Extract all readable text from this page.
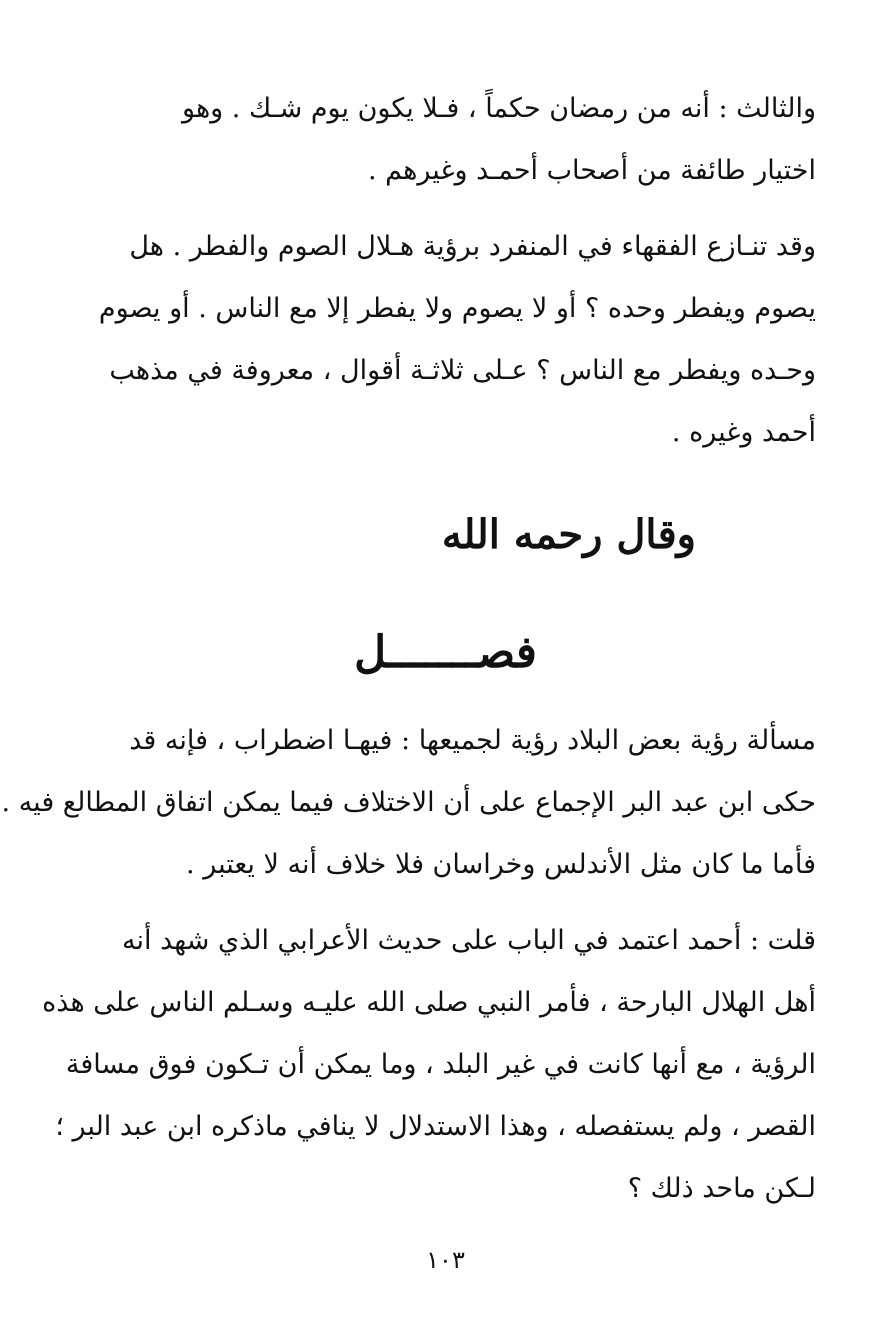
والثالث : أنه من رمضان حكماً ، فـلا يكون يوم شـك . وهو
اختيار طائفة من أصحاب أحمـد وغيرهم .
وقد تنـازع الفقهاء في المنفرد برؤية هـلال الصوم والفطر . هل
يصوم ويفطر وحده ؟ أو لا يصوم ولا يفطر إلا مع الناس . أو يصوم
وحـده ويفطر مع الناس ؟ عـلى ثلاثـة أقوال ، معروفة في مذهب
أحمد وغيره .
وقال رحمه الله
فصـــــــل
مسألة رؤية بعض البلاد رؤية لجميعها : فيهـا اضطراب ، فإنه قد
حكى ابن عبد البر الإجماع على أن الاختلاف فيما يمكن اتفاق المطالع فيه .
فأما ما كان مثل الأندلس وخراسان فلا خلاف أنه لا يعتبر .
قلت : أحمد اعتمد في الباب على حديث الأعرابي الذي شهد أنه
أهل الهلال البارحة ، فأمر النبي صلى الله عليـه وسـلم الناس على هذه
الرؤية ، مع أنها كانت في غير البلد ، وما يمكن أن تـكون فوق مسافة
القصر ، ولم يستفصله ، وهذا الاستدلال لا ينافي ماذكره ابن عبد البر ؛
لـكن ماحد ذلك ؟
١٠٣
